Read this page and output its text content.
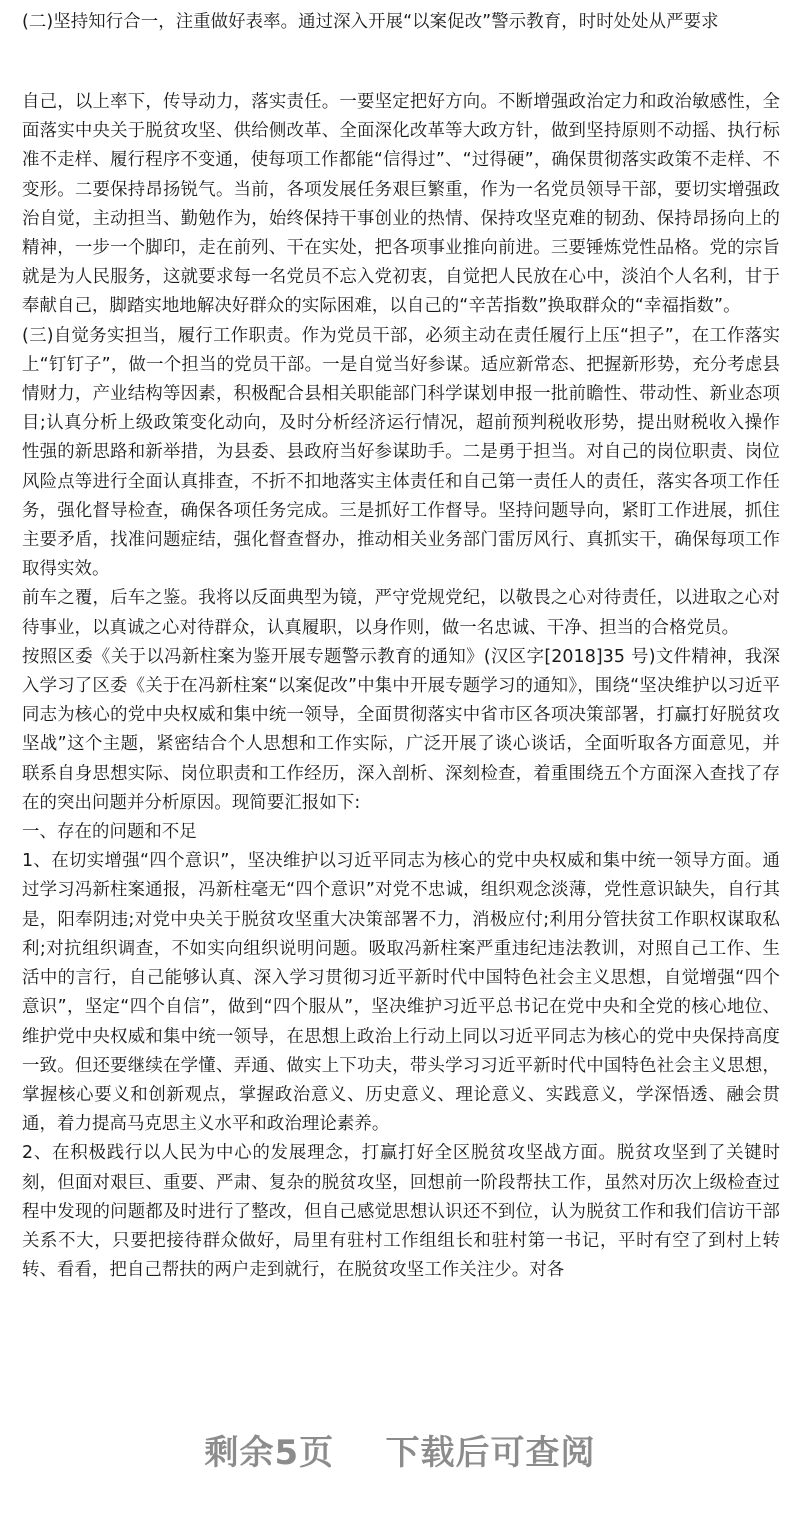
(二)坚持知行合一，注重做好表率。通过深入开展“以案促改”警示教育，时时处处从严要求

自己，以上率下，传导动力，落实责任。一要坚定把好方向。不断增强政治定力和政治敏感性，全面落实中央关于脱贫攻坚、供给侧改革、全面深化改革等大政方针，做到坚持原则不动摇、执行标准不走样、履行程序不变通，使每项工作都能“信得过”、“过得硬”，确保贯彻落实政策不走样、不变形。二要保持昂扬锐气。当前，各项发展任务艰巨繁重，作为一名党员领导干部，要切实增强政治自觉，主动担当、勤勉作为，始终保持干事创业的热情、保持攻坚克难的韧劲、保持昂扬向上的精神，一步一个脚印，走在前列、干在实处，把各项事业推向前进。三要锤炼党性品格。党的宗旨就是为人民服务，这就要求每一名党员不忘入党初衷，自觉把人民放在心中，淡泊个人名利，甘于奉献自己，脚踏实地地解决好群众的实际困难，以自己的“辛苦指数”换取群众的“幸福指数”。

(三)自觉务实担当，履行工作职责。作为党员干部，必须主动在责任履行上压“担子”，在工作落实上“钉钉子”，做一个担当的党员干部。一是自觉当好参谋。适应新常态、把握新形势，充分考虑县情财力，产业结构等因素，积极配合县相关职能部门科学谋划申报一批前瞻性、带动性、新业态项目;认真分析上级政策变化动向，及时分析经济运行情况，超前预判税收形势，提出财税收入操作性强的新思路和新举措，为县委、县政府当好参谋助手。二是勇于担当。对自己的岗位职责、岗位风险点等进行全面认真排查，不折不扣地落实主体责任和自己第一责任人的责任，落实各项工作任务，强化督导检查，确保各项任务完成。三是抓好工作督导。坚持问题导向，紧盯工作进展，抓住主要矛盾，找准问题症结，强化督查督办，推动相关业务部门雷厉风行、真抓实干，确保每项工作取得实效。

前车之覆，后车之鉴。我将以反面典型为镜，严守党规党纪，以敬畏之心对待责任，以进取之心对待事业，以真诚之心对待群众，认真履职，以身作则，做一名忠诚、干净、担当的合格党员。

按照区委《关于以冯新柱案为鉴开展专题警示教育的通知》(汉区字[2018]35 号)文件精神，我深入学习了区委《关于在冯新柱案“以案促改”中集中开展专题学习的通知》，围绕“坚决维护以习近平同志为核心的党中央权威和集中统一领导，全面贯彻落实中省市区各项决策部署，打赢打好脱贫攻坚战”这个主题，紧密结合个人思想和工作实际，广泛开展了谈心谈话，全面听取各方面意见，并联系自身思想实际、岗位职责和工作经历，深入剖析、深刻检查，着重围绕五个方面深入查找了存在的突出问题并分析原因。现简要汇报如下:

一、存在的问题和不足

1、在切实增强“四个意识”，坚决维护以习近平同志为核心的党中央权威和集中统一领导方面。通过学习冯新柱案通报，冯新柱毫无“四个意识”对党不忠诚，组织观念淡薄，党性意识缺失，自行其是，阳奉阴违;对党中央关于脱贫攻坚重大决策部署不力，消极应付;利用分管扶贫工作职权谋取私利;对抗组织调查，不如实向组织说明问题。吸取冯新柱案严重违纪违法教训，对照自己工作、生活中的言行，自己能够认真、深入学习贯彻习近平新时代中国特色社会主义思想，自觉增强“四个意识”，坚定“四个自信”，做到“四个服从”，坚决维护习近平总书记在党中央和全党的核心地位、维护党中央权威和集中统一领导，在思想上政治上行动上同以习近平同志为核心的党中央保持高度一致。但还要继续在学懂、弄通、做实上下功夫，带头学习习近平新时代中国特色社会主义思想，掌握核心要义和创新观点，掌握政治意义、历史意义、理论意义、实践意义，学深悟透、融会贯通，着力提高马克思主义水平和政治理论素养。

2、在积极践行以人民为中心的发展理念，打赢打好全区脱贫攻坚战方面。脱贫攻坚到了关键时刻，但面对艰巨、重要、严肃、复杂的脱贫攻坚，回想前一阶段帮扶工作，虽然对历次上级检查过程中发现的问题都及时进行了整改，但自己感觉思想认识还不到位，认为脱贫工作和我们信访干部关系不大，只要把接待群众做好，局里有驻村工作组组长和驻村第一书记，平时有空了到村上转转、看看，把自己帮扶的两户走到就行，在脱贫攻坚工作关注少。对各

剩余5页    下载后可查阅
